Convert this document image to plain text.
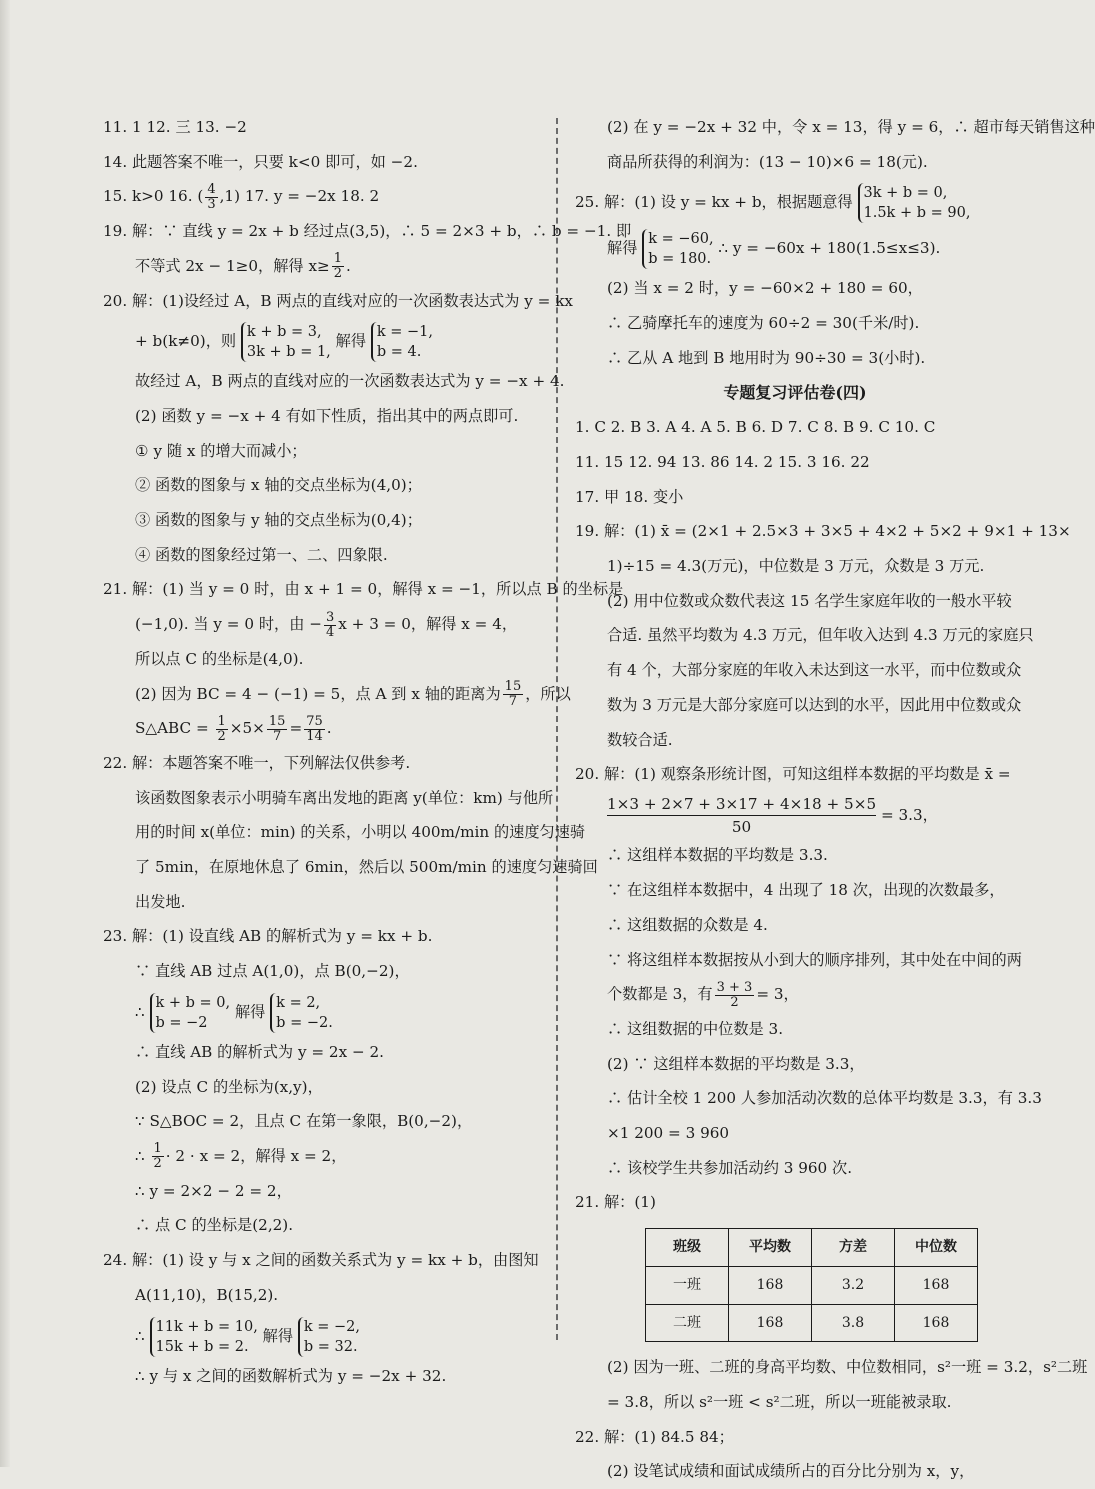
11. 1 12. 三 13. −2
14. 此题答案不唯一，只要 k<0 即可，如 −2.
15. k>0 16. ( $\frac{4}{3} ,1$) 17. y = −2x 18. 2
19. 解：∵ 直线 y = 2x + b 经过点(3,5)，∴ 5 = 2×3 + b，∴ b = −1. 即
不等式 2x − 1≥0，解得 $x\ge \frac{1}{2}$ .
20. 解：(1)设经过 A，B 两点的直线对应的一次函数表达式为 y = kx
+ b(k≠0)，则 k + b = 3,
3k + b = 1,
解得 k = −1,
b = 4.
故经过 A，B 两点的直线对应的一次函数表达式为 y = −x + 4.
(2) 函数 y = −x + 4 有如下性质，指出其中的两点即可.
① y 随 x 的增大而减小；
② 函数的图象与 x 轴的交点坐标为(4,0)；
③ 函数的图象与 y 轴的交点坐标为(0,4)；
④ 函数的图象经过第一、二、四象限.
21. 解：(1) 当 y = 0 时，由 x + 1 = 0，解得 x = −1，所以点 B 的坐标是
(−1,0). 当 y = 0 时，由 − $\frac{3}{4}$ x + 3 = 0，解得 x = 4，
所以点 C 的坐标是(4,0).
(2) 因为 BC = 4 − (−1) = 5，点 A 到 x 轴的距离为 $\frac{15}{7}$ ，所以
S△ABC = $\frac{1}{2} \times 5\times \frac{15}{7} = \frac{75}{14}$ .
22. 解：本题答案不唯一，下列解法仅供参考.
该函数图象表示小明骑车离出发地的距离 y(单位：km) 与他所
用的时间 x(单位：min) 的关系，小明以 400m/min 的速度匀速骑
了 5min，在原地休息了 6min，然后以 500m/min 的速度匀速骑回
出发地.
23. 解：(1) 设直线 AB 的解析式为 y = kx + b.
∵ 直线 AB 过点 A(1,0)，点 B(0,−2)，
∴ k + b = 0,
b = −2
解得 k = 2,
b = −2.
∴ 直线 AB 的解析式为 y = 2x − 2.
(2) 设点 C 的坐标为(x,y)，
∵ S△BOC = 2，且点 C 在第一象限，B(0,−2)，
∴ $\frac{1}{2} \cdot 2 \cdot x = 2$，解得 x = 2，
∴ y = 2×2 − 2 = 2，
∴ 点 C 的坐标是(2,2).
24. 解：(1) 设 y 与 x 之间的函数关系式为 y = kx + b，由图知
A(11,10)，B(15,2).
∴ 11k + b = 10,
15k + b = 2.
解得 k = −2,
b = 32.
∴ y 与 x 之间的函数解析式为 y = −2x + 32.
(2) 在 y = −2x + 32 中，令 x = 13，得 y = 6，∴ 超市每天销售这种
商品所获得的利润为：(13 − 10)×6 = 18(元).
25. 解：(1) 设 y = kx + b，根据题意得 3k + b = 0,
1.5k + b = 90,
解得 k = −60,
b = 180.
∴ y = −60x + 180(1.5≤x≤3).
(2) 当 x = 2 时，y = −60×2 + 180 = 60，
∴ 乙骑摩托车的速度为 60÷2 = 30(千米/时).
∴ 乙从 A 地到 B 地用时为 90÷30 = 3(小时).
专题复习评估卷(四)
1. C 2. B 3. A 4. A 5. B 6. D 7. C 8. B 9. C 10. C
11. 15 12. 94 13. 86 14. 2 15. 3 16. 22
17. 甲 18. 变小
19. 解：(1) x̄ = (2×1 + 2.5×3 + 3×5 + 4×2 + 5×2 + 9×1 + 13×
1)÷15 = 4.3(万元)，中位数是 3 万元，众数是 3 万元.
(2) 用中位数或众数代表这 15 名学生家庭年收的一般水平较
合适. 虽然平均数为 4.3 万元，但年收入达到 4.3 万元的家庭只
有 4 个，大部分家庭的年收入未达到这一水平，而中位数或众
数为 3 万元是大部分家庭可以达到的水平，因此用中位数或众
数较合适.
20. 解：(1) 观察条形统计图，可知这组样本数据的平均数是 x̄ =
$\frac{1\times 3 + 2\times 7 + 3\times 17 + 4\times 18 + 5\times 5}{50} = 3.3$，
∴ 这组样本数据的平均数是 3.3.
∵ 在这组样本数据中，4 出现了 18 次，出现的次数最多，
∴ 这组数据的众数是 4.
∵ 将这组样本数据按从小到大的顺序排列，其中处在中间的两
个数都是 3，有 $\frac{3 + 3}{2} = 3$，
∴ 这组数据的中位数是 3.
(2) ∵ 这组样本数据的平均数是 3.3，
∴ 估计全校 1 200 人参加活动次数的总体平均数是 3.3，有 3.3
×1 200 = 3 960
∴ 该校学生共参加活动约 3 960 次.
21. 解：(1)
班级	平均数	方差	中位数
一班	168	3.2	168
二班	168	3.8	168
(2) 因为一班、二班的身高平均数、中位数相同，s²一班 = 3.2，s²二班
= 3.8，所以 s²一班 < s²二班，所以一班能被录取.
22. 解：(1) 84.5 84；
(2) 设笔试成绩和面试成绩所占的百分比分别为 x，y，
